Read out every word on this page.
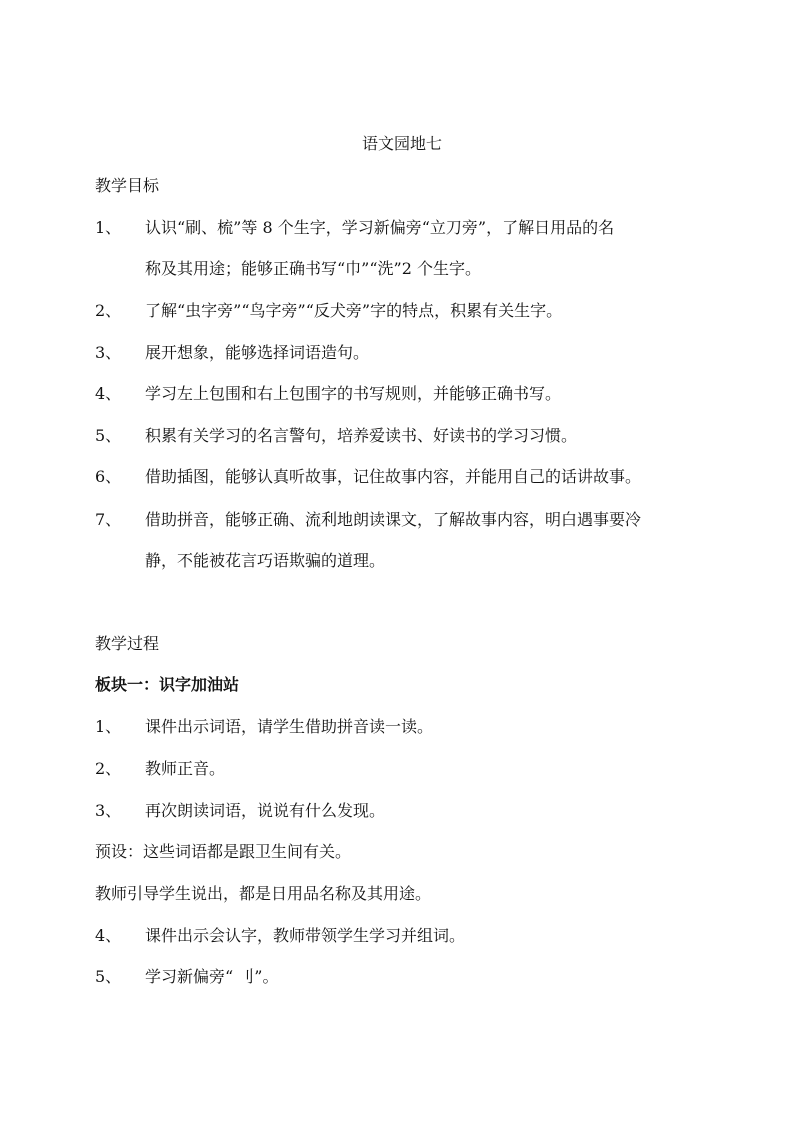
语文园地七
教学目标
1、	认识“刷、梳”等 8 个生字，学习新偏旁“立刀旁”，了解日用品的名
称及其用途；能够正确书写“巾”“洗”2 个生字。
2、	了解“虫字旁”“鸟字旁”“反犬旁”字的特点，积累有关生字。
3、	展开想象，能够选择词语造句。
4、	学习左上包围和右上包围字的书写规则，并能够正确书写。
5、	积累有关学习的名言警句，培养爱读书、好读书的学习习惯。
6、	借助插图，能够认真听故事，记住故事内容，并能用自己的话讲故事。
7、	借助拼音，能够正确、流利地朗读课文，了解故事内容，明白遇事要冷
静，不能被花言巧语欺骗的道理。
教学过程
板块一：识字加油站
1、	课件出示词语，请学生借助拼音读一读。
2、	教师正音。
3、	再次朗读词语，说说有什么发现。
预设：这些词语都是跟卫生间有关。
教师引导学生说出，都是日用品名称及其用途。
4、	课件出示会认字，教师带领学生学习并组词。
5、	学习新偏旁“ 刂”。
